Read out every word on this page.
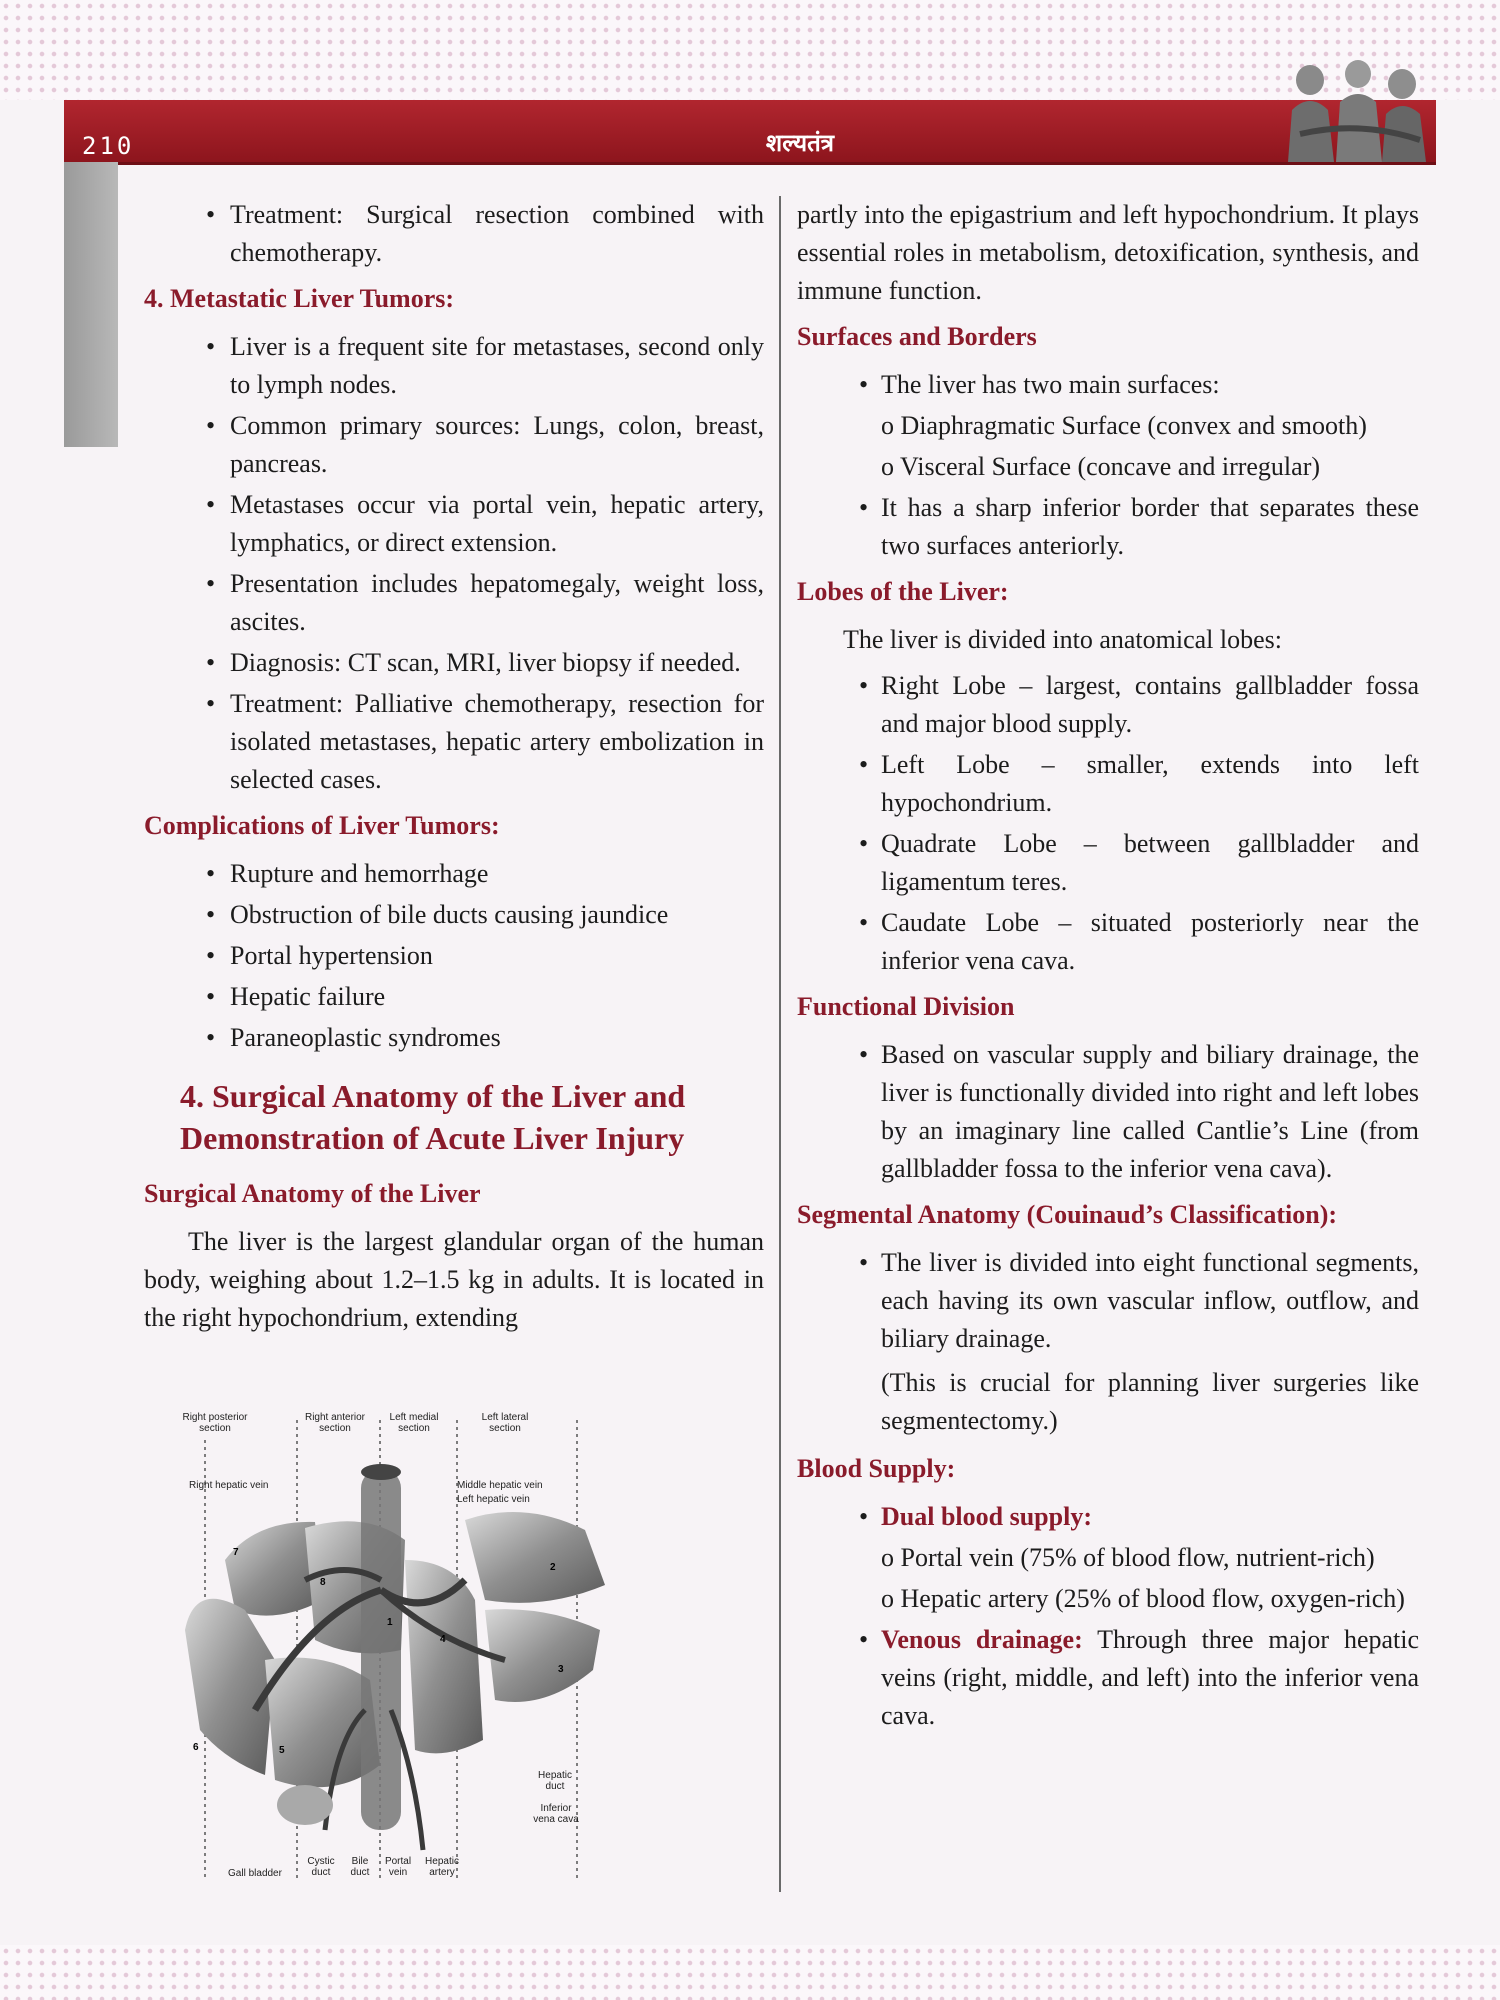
210	शल्यतंत्र
• Treatment: Surgical resection combined with chemotherapy.
4. Metastatic Liver Tumors:
• Liver is a frequent site for metastases, second only to lymph nodes.
• Common primary sources: Lungs, colon, breast, pancreas.
• Metastases occur via portal vein, hepatic artery, lymphatics, or direct extension.
• Presentation includes hepatomegaly, weight loss, ascites.
• Diagnosis: CT scan, MRI, liver biopsy if needed.
• Treatment: Palliative chemotherapy, resection for isolated metastases, hepatic artery embolization in selected cases.
Complications of Liver Tumors:
• Rupture and hemorrhage
• Obstruction of bile ducts causing jaundice
• Portal hypertension
• Hepatic failure
• Paraneoplastic syndromes
4. Surgical Anatomy of the Liver and Demonstration of Acute Liver Injury
Surgical Anatomy of the Liver
The liver is the largest glandular organ of the human body, weighing about 1.2–1.5 kg in adults. It is located in the right hypochondrium, extending
7
8
1
2
3
4
5
6
Right posterior section
Right anterior section
Left medial section
Left lateral section
Right hepatic vein	Middle hepatic vein
Left hepatic vein
Hepatic duct
Inferior vena cava
Gall bladder
Cystic duct
Bile duct
Portal vein
Hepatic artery
partly into the epigastrium and left hypochondrium. It plays essential roles in metabolism, detoxification, synthesis, and immune function.
Surfaces and Borders
• The liver has two main surfaces:
o Diaphragmatic Surface (convex and smooth)
o Visceral Surface (concave and irregular)
• It has a sharp inferior border that separates these two surfaces anteriorly.
Lobes of the Liver:
The liver is divided into anatomical lobes:
• Right Lobe – largest, contains gallbladder fossa and major blood supply.
• Left Lobe – smaller, extends into left hypochondrium.
• Quadrate Lobe – between gallbladder and ligamentum teres.
• Caudate Lobe – situated posteriorly near the inferior vena cava.
Functional Division
• Based on vascular supply and biliary drainage, the liver is functionally divided into right and left lobes by an imaginary line called Cantlie’s Line (from gallbladder fossa to the inferior vena cava).
Segmental Anatomy (Couinaud’s Classification):
• The liver is divided into eight functional segments, each having its own vascular inflow, outflow, and biliary drainage.
(This is crucial for planning liver surgeries like segmentectomy.)
Blood Supply:
• Dual blood supply:
o Portal vein (75% of blood flow, nutrient-rich)
o Hepatic artery (25% of blood flow, oxygen-rich)
• Venous drainage: Through three major hepatic veins (right, middle, and left) into the inferior vena cava.
